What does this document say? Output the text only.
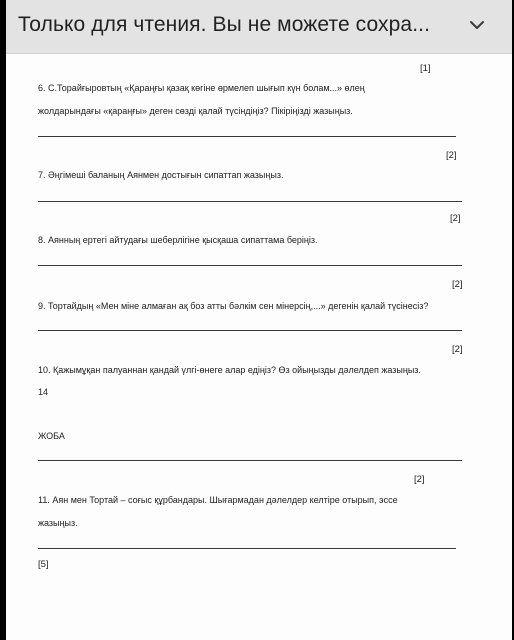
Только для чтения. Вы не можете сохра...
[1]
6. С.Торайғыровтың «Қараңғы қазақ көгіне өрмелеп шығып күн болам...» өлең
жолдарындағы «қараңғы» деген сөзді қалай түсіндіңіз? Пікіріңізді жазыңыз.
[2]
7. Әңгімеші баланың Аянмен достығын сипаттап жазыңыз.
[2]
8. Аянның ертегі айтудағы шеберлігіне қысқаша сипаттама беріңіз.
[2]
9. Тортайдың «Мен міне алмаған ақ боз атты бәлкім сен мінерсің,...» дегенін қалай түсінесіз?
[2]
10. Қажымұқан палуаннан қандай үлгі-өнеге алар едіңіз? Өз ойыңызды дәлелдеп жазыңыз.
14
ЖОБА
[2]
11. Аян мен Тортай – соғыс құрбандары. Шығармадан дәлелдер келтіре отырып, эссе
жазыңыз.
[5]
